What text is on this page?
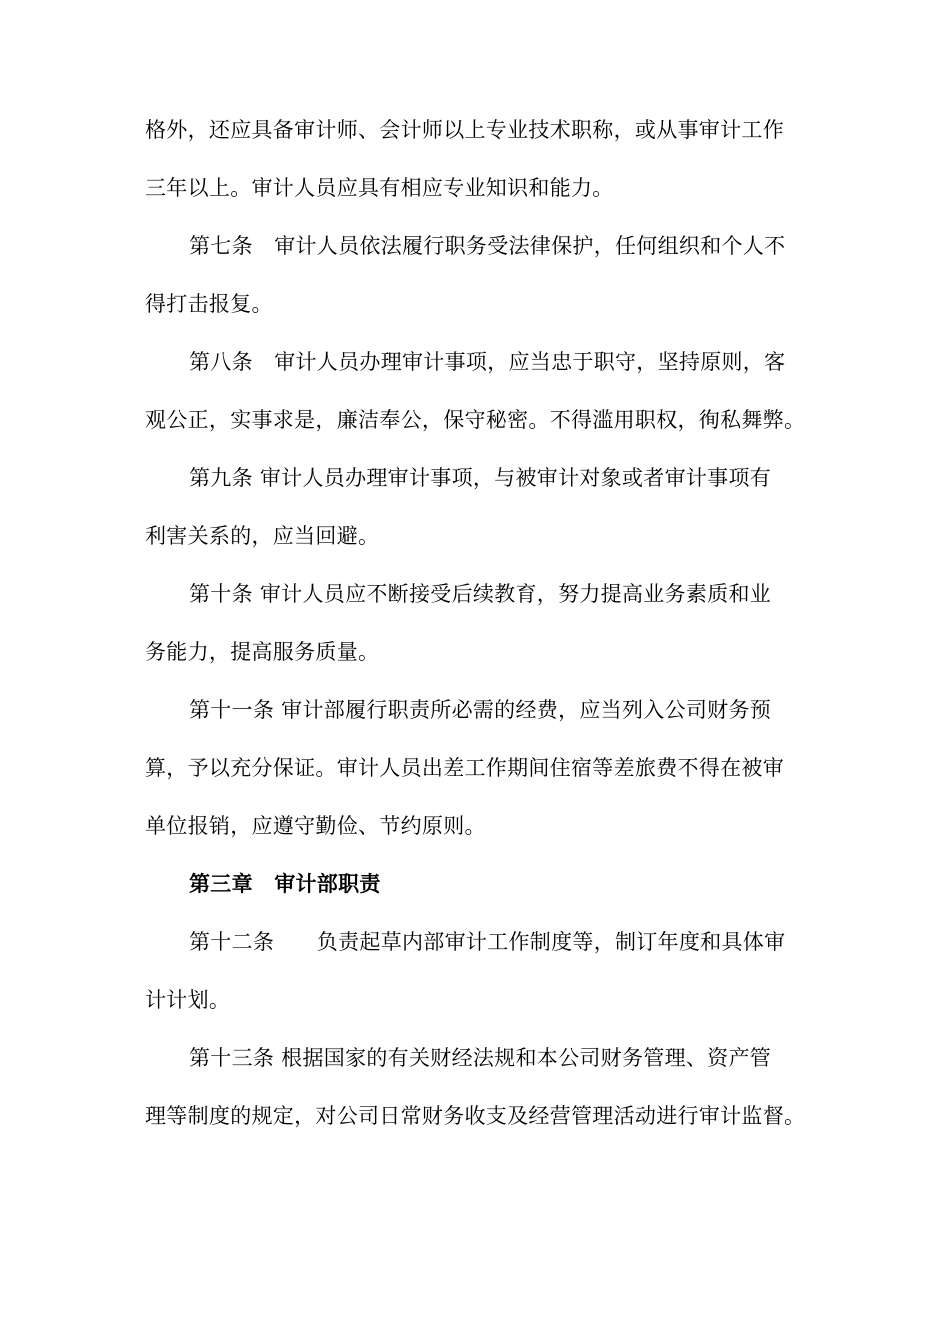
格外，还应具备审计师、会计师以上专业技术职称，或从事审计工作
三年以上。审计人员应具有相应专业知识和能力。
第七条　审计人员依法履行职务受法律保护，任何组织和个人不
得打击报复。
第八条　审计人员办理审计事项，应当忠于职守，坚持原则，客
观公正，实事求是，廉洁奉公，保守秘密。不得滥用职权，徇私舞弊。
第九条 审计人员办理审计事项，与被审计对象或者审计事项有
利害关系的，应当回避。
第十条 审计人员应不断接受后续教育，努力提高业务素质和业
务能力，提高服务质量。
第十一条 审计部履行职责所必需的经费，应当列入公司财务预
算，予以充分保证。审计人员出差工作期间住宿等差旅费不得在被审
单位报销，应遵守勤俭、节约原则。
第三章　审计部职责
第十二条　　负责起草内部审计工作制度等，制订年度和具体审
计计划。
第十三条 根据国家的有关财经法规和本公司财务管理、资产管
理等制度的规定，对公司日常财务收支及经营管理活动进行审计监督。
